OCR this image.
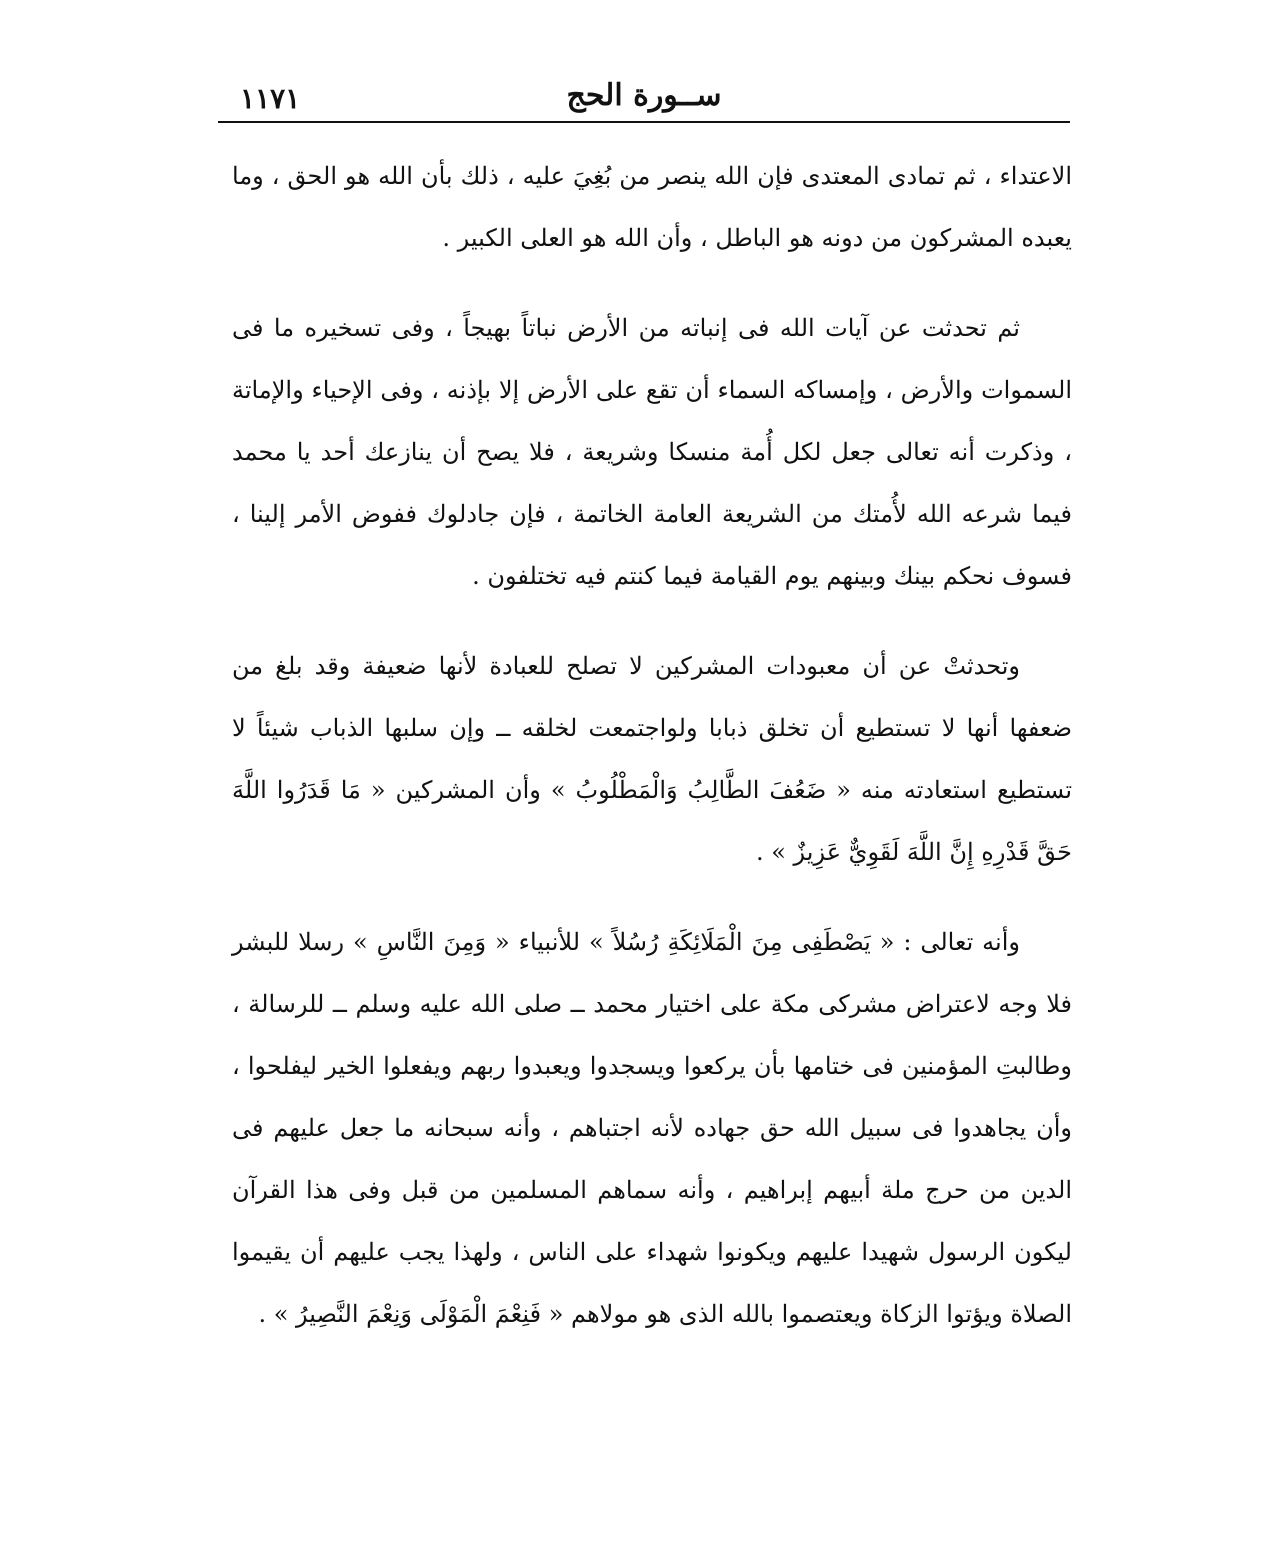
١١٧١	ســورة الحج

الاعتداء ، ثم تمادى المعتدى فإن الله ينصر من بُغِيَ عليه ، ذلك بأن الله هو الحق ، وما يعبده المشركون من دونه هو الباطل ، وأن الله هو العلى الكبير .

ثم تحدثت عن آيات الله فى إنباته من الأرض نباتاً بهيجاً ، وفى تسخيره ما فى السموات والأرض ، وإمساكه السماء أن تقع على الأرض إلا بإذنه ، وفى الإحياء والإماتة ، وذكرت أنه تعالى جعل لكل أُمة منسكا وشريعة ، فلا يصح أن ينازعك أحد يا محمد فيما شرعه الله لأُمتك من الشريعة العامة الخاتمة ، فإن جادلوك ففوض الأمر إلينا ، فسوف نحكم بينك وبينهم يوم القيامة فيما كنتم فيه تختلفون .

وتحدثتْ عن أن معبودات المشركين لا تصلح للعبادة لأنها ضعيفة وقد بلغ من ضعفها أنها لا تستطيع أن تخلق ذبابا ولواجتمعت لخلقه ــ وإن سلبها الذباب شيئاً لا تستطيع استعادته منه « ضَعُفَ الطَّالِبُ وَالْمَطْلُوبُ » وأن المشركين « مَا قَدَرُوا اللَّهَ حَقَّ قَدْرِهِ إِنَّ اللَّهَ لَقَوِيٌّ عَزِيزٌ » .

وأنه تعالى : « يَصْطَفِى مِنَ الْمَلَائِكَةِ رُسُلاً » للأنبياء « وَمِنَ النَّاسِ » رسلا للبشر فلا وجه لاعتراض مشركى مكة على اختيار محمد ــ صلى الله عليه وسلم ــ للرسالة ، وطالبتِ المؤمنين فى ختامها بأن يركعوا ويسجدوا ويعبدوا ربهم ويفعلوا الخير ليفلحوا ، وأن يجاهدوا فى سبيل الله حق جهاده لأنه اجتباهم ، وأنه سبحانه ما جعل عليهم فى الدين من حرج ملة أبيهم إبراهيم ، وأنه سماهم المسلمين من قبل وفى هذا القرآن ليكون الرسول شهيدا عليهم ويكونوا شهداء على الناس ، ولهذا يجب عليهم أن يقيموا الصلاة ويؤتوا الزكاة ويعتصموا بالله الذى هو مولاهم « فَنِعْمَ الْمَوْلَى وَنِعْمَ النَّصِيرُ » .
